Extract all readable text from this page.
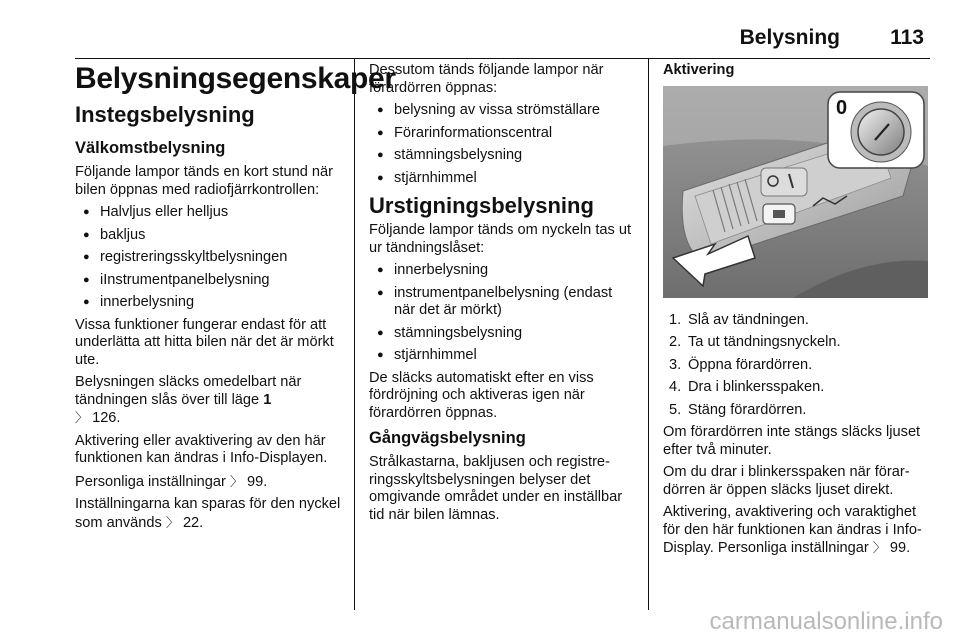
Belysning 113
Belysningsegenskaper
Instegsbelysning
Välkomstbelysning

Följande lampor tänds en kort stund när bilen öppnas med radiofjärrkontrollen:

● Halvljus eller helljus
● bakljus
● registreringsskyltbelysningen
● iInstrumentpanelbelysning
● innerbelysning

Vissa funktioner fungerar endast för att underlätta att hitta bilen när det är mörkt ute.

Belysningen släcks omedelbart när tändningen slås över till läge 1
〉 126.

Aktivering eller avaktivering av den här funktionen kan ändras i Info-Displayen.

Personliga inställningar 〉 99.

Inställningarna kan sparas för den nyckel som används 〉 22.

Dessutom tänds följande lampor när förardörren öppnas:

● belysning av vissa strömställare
● Förarinformationscentral
● stämningsbelysning
● stjärnhimmel
Urstigningsbelysning

Följande lampor tänds om nyckeln tas ut ur tändningslåset:

● innerbelysning
● instrumentpanelbelysning (endast när det är mörkt)
● stämningsbelysning
● stjärnhimmel

De släcks automatiskt efter en viss fördröjning och aktiveras igen när förardörren öppnas.

Gångvägsbelysning

Strålkastarna, bakljusen och registreringsskyltsbelysningen belyser det omgivande området under en inställbar tid när bilen lämnas.

Aktivering
0
1. Slå av tändningen.
2. Ta ut tändningsnyckeln.
3. Öppna förardörren.
4. Dra i blinkersspaken.
5. Stäng förardörren.

Om förardörren inte stängs släcks ljuset efter två minuter.

Om du drar i blinkersspaken när förardörren är öppen släcks ljuset direkt.

Aktivering, avaktivering och varaktighet för den här funktionen kan ändras i Info-Display. Personliga inställningar 〉 99.

carmanualsonline.info
